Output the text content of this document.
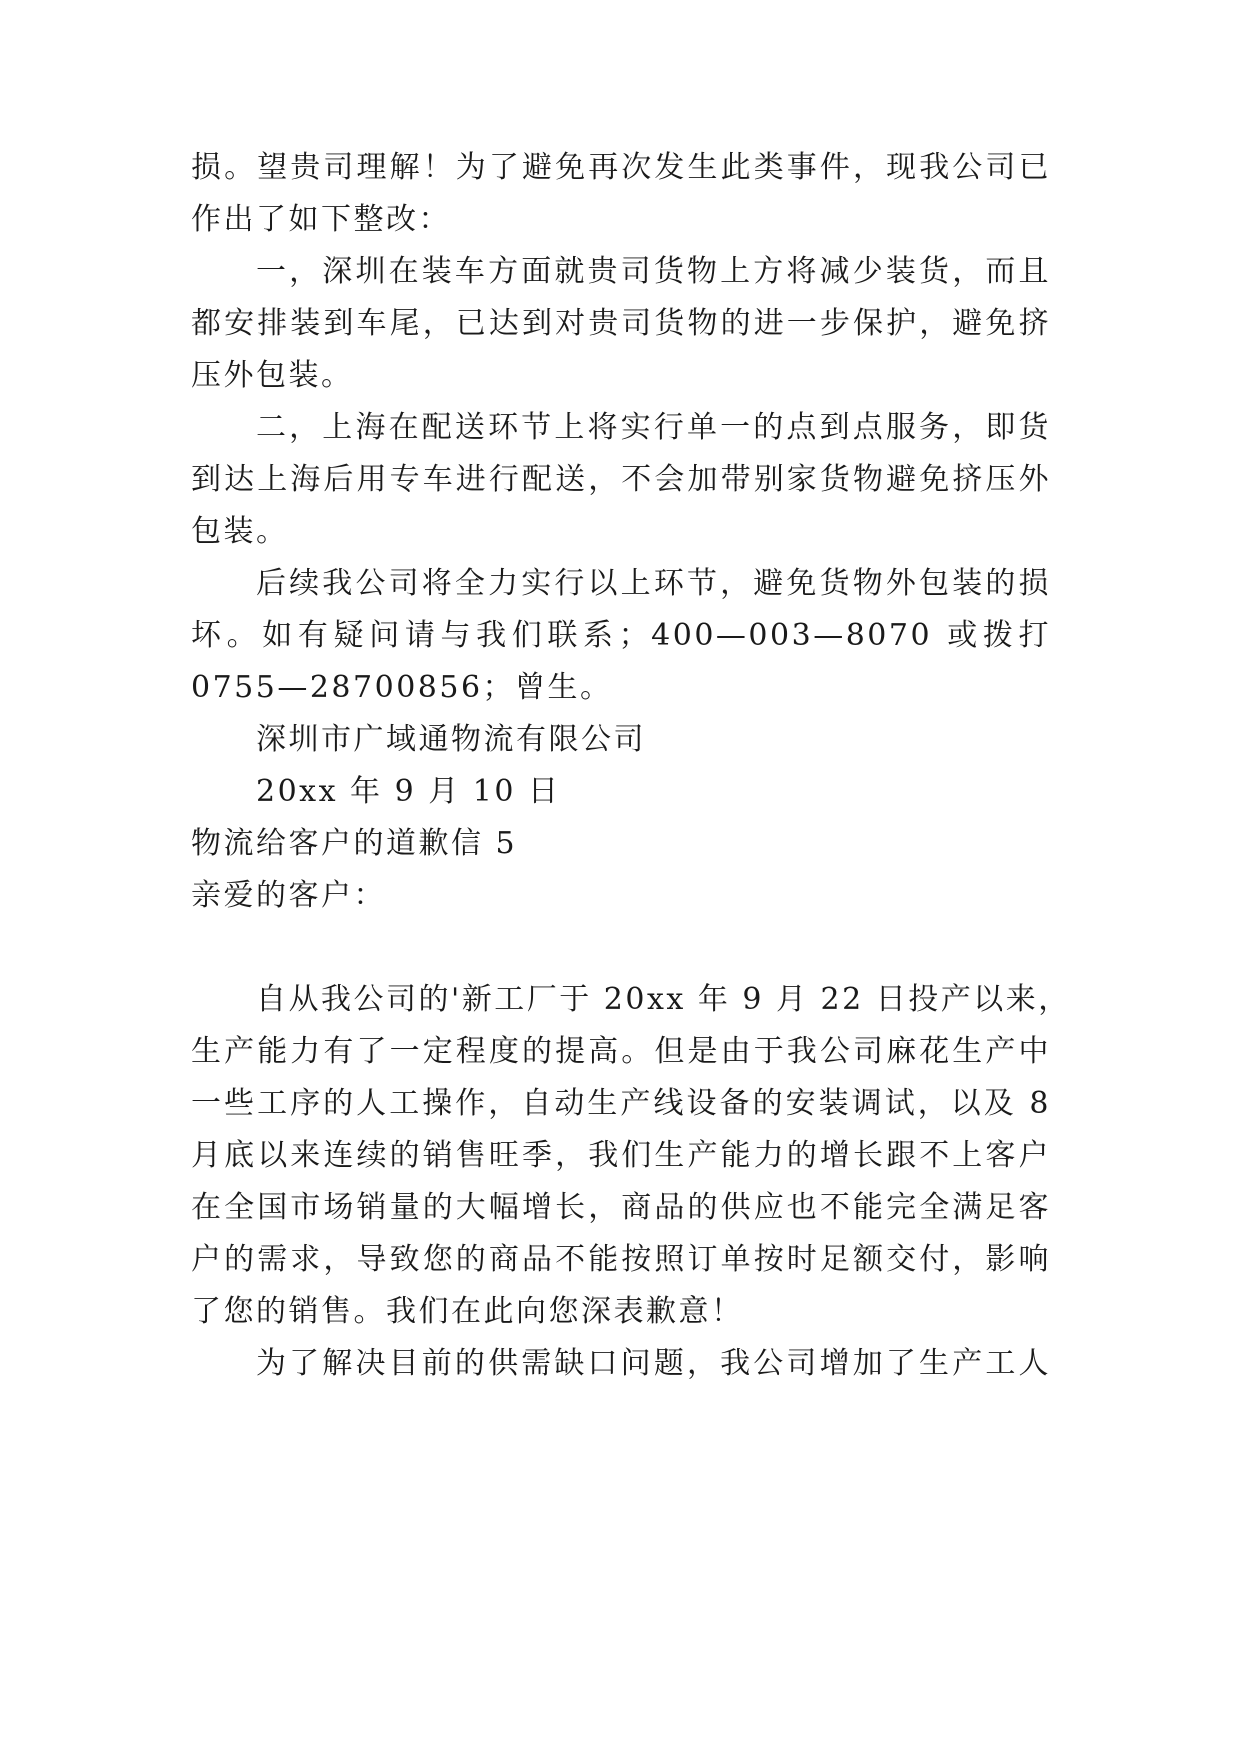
损。望贵司理解！为了避免再次发生此类事件，现我公司已
作出了如下整改：
一，深圳在装车方面就贵司货物上方将减少装货，而且
都安排装到车尾，已达到对贵司货物的进一步保护，避免挤
压外包装。
二，上海在配送环节上将实行单一的点到点服务，即货
到达上海后用专车进行配送，不会加带别家货物避免挤压外
包装。
后续我公司将全力实行以上环节，避免货物外包装的损
坏。如有疑问请与我们联系；400—003—8070 或拨打
0755—28700856；曾生。
深圳市广域通物流有限公司
20xx 年 9 月 10 日
物流给客户的道歉信 5
亲爱的客户：
自从我公司的'新工厂于 20xx 年 9 月 22 日投产以来，
生产能力有了一定程度的提高。但是由于我公司麻花生产中
一些工序的人工操作，自动生产线设备的安装调试，以及 8
月底以来连续的销售旺季，我们生产能力的增长跟不上客户
在全国市场销量的大幅增长，商品的供应也不能完全满足客
户的需求，导致您的商品不能按照订单按时足额交付，影响
了您的销售。我们在此向您深表歉意！
为了解决目前的供需缺口问题，我公司增加了生产工人
